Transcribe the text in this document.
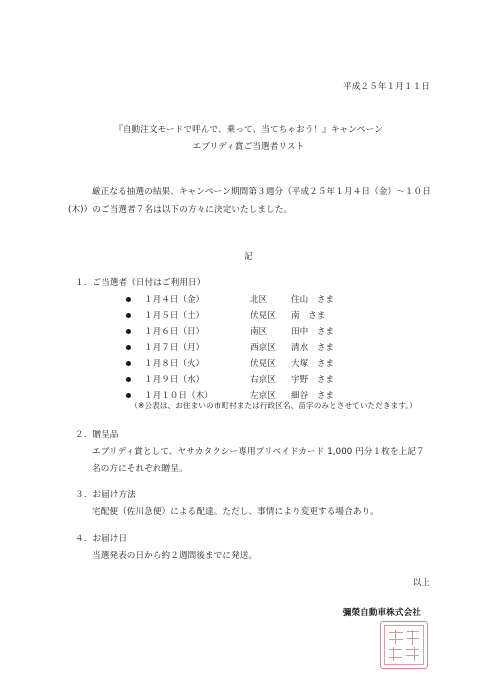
平成２５年１月１１日
『自動注文モードで呼んで、乗って、当てちゃおう！』キャンペーン
エブリディ賞ご当選者リスト
厳正なる抽選の結果、キャンペーン期間第３週分（平成２５年１月４日（金）～１０日
(木)）のご当選者７名は以下の方々に決定いたしました。
記
１．ご当選者（日付はご利用日）
１月４日（金）	北区	住山　さま
１月５日（土）	伏見区 南　さま
１月６日（日）	南区	田中　さま
１月７日（月）	西京区 清水　さま
１月８日（火）	伏見区 大塚　さま
１月９日（水）	右京区 宇野　さま
１月１０日（木）	左京区 細谷　さま
（※公表は、お住まいの市町村または行政区名、苗字のみとさせていただきます。）
２．贈呈品
エブリディ賞として、ヤサカタクシー専用プリペイドカード 1,000 円分１枚を上記７
名の方にそれぞれ贈呈。
３．お届け方法
宅配便（佐川急便）による配達。ただし、事情により変更する場合あり。
４．お届け日
当選発表の日から約２週間後までに発送。
以上
彌榮自動車株式会社
